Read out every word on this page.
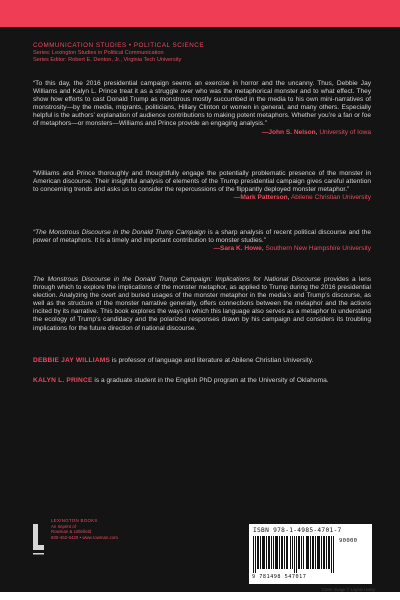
COMMUNICATION STUDIES • POLITICAL SCIENCE
Series: Lexington Studies in Political Communication
Series Editor: Robert E. Denton, Jr., Virginia Tech University

“To this day, the 2016 presidential campaign seems an exercise in horror and the uncanny. Thus, Debbie Jay Williams and Kalyn L. Prince treat it as a struggle over who was the metaphorical monster and to what effect. They show how efforts to cast Donald Trump as monstrous mostly succumbed in the media to his own mini-narratives of monstrosity—by the media, migrants, politicians, Hillary Clinton or women in general, and many others. Especially helpful is the authors’ explanation of audience contributions to making potent metaphors. Whether you’re a fan or foe of metaphors—or monsters—Williams and Prince provide an engaging analysis.”

—John S. Nelson, University of Iowa

“Williams and Prince thoroughly and thoughtfully engage the potentially problematic presence of the monster in American discourse. Their insightful analysis of elements of the Trump presidential campaign gives careful attention to concerning trends and asks us to consider the repercussions of the flippantly deployed monster metaphor.”

—Mark Patterson, Abilene Christian University

“The Monstrous Discourse in the Donald Trump Campaign is a sharp analysis of recent political discourse and the power of metaphors. It is a timely and important contribution to monster studies.”

—Sara K. Howe, Southern New Hampshire University

The Monstrous Discourse in the Donald Trump Campaign: Implications for National Discourse provides a lens through which to explore the implications of the monster metaphor, as applied to Trump during the 2016 presidential election. Analyzing the overt and buried usages of the monster metaphor in the media’s and Trump’s discourse, as well as the structure of the monster narrative generally, offers connections between the metaphor and the actions incited by its narrative. This book explores the ways in which this language also serves as a metaphor to understand the ecology of Trump’s candidacy and the polarized responses drawn by his campaign and considers its troubling implications for the future direction of national discourse.

DEBBIE JAY WILLIAMS is professor of language and literature at Abilene Christian University.
KALYN L. PRINCE is a graduate student in the English PhD program at the University of Oklahoma.
LEXINGTON BOOKS
An Imprint of
Rowman & Littlefield
800-462-6420 • www.rowman.com
ISBN 978-1-4985-4701-7
90000
9 781498 547017
Cover image © Laynie Haley
